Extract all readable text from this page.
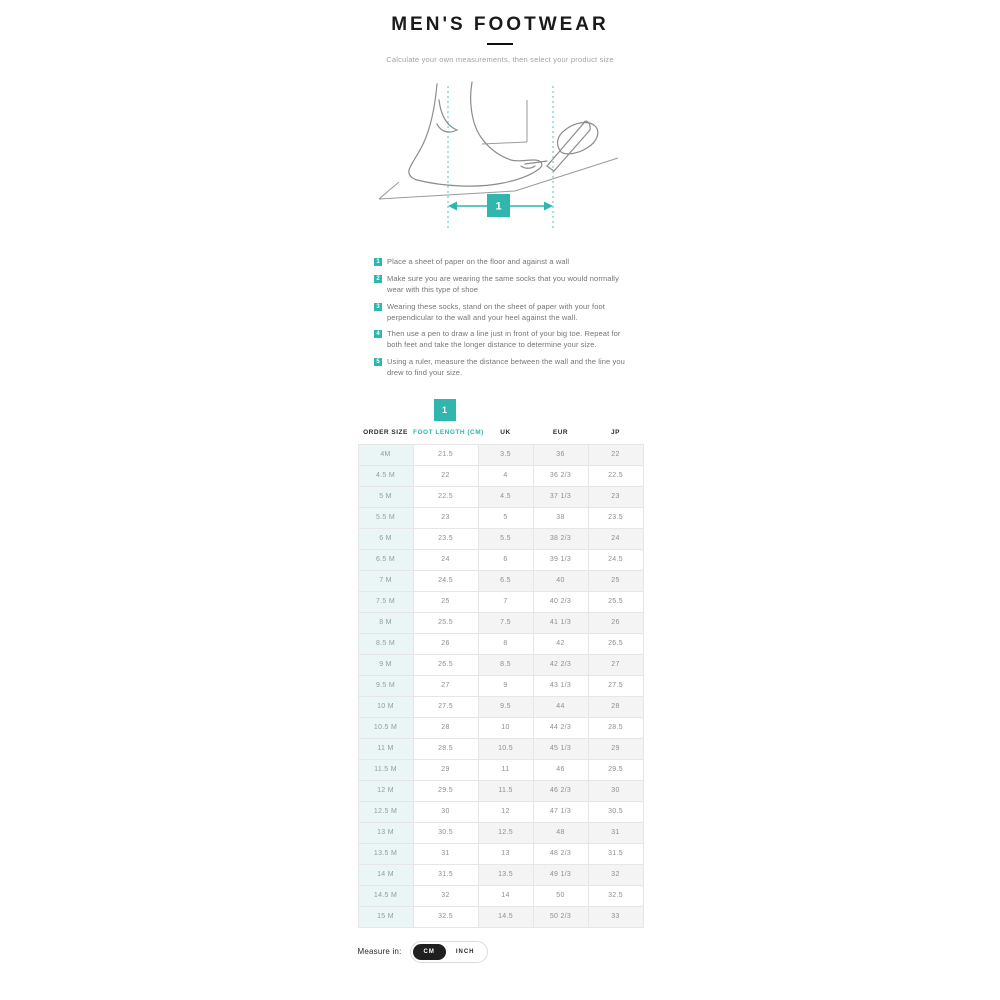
MEN'S FOOTWEAR
Calculate your own measurements, then select your product size
1
1 Place a sheet of paper on the floor and against a wall
2 Make sure you are wearing the same socks that you would normally wear with this type of shoe
3 Wearing these socks, stand on the sheet of paper with your foot perpendicular to the wall and your heel against the wall.
4 Then use a pen to draw a line just in front of your big toe. Repeat for both feet and take the longer distance to determine your size.
5 Using a ruler, measure the distance between the wall and the line you drew to find your size.
1
ORDER SIZE	FOOT LENGTH (CM)	UK	EUR	JP
4M	21.5	3.5	36	22
4.5 M	22	4	36 2/3	22.5
5 M	22.5	4.5	37 1/3	23
5.5 M	23	5	38	23.5
6 M	23.5	5.5	38 2/3	24
6.5 M	24	6	39 1/3	24.5
7 M	24.5	6.5	40	25
7.5 M	25	7	40 2/3	25.5
8 M	25.5	7.5	41 1/3	26
8.5 M	26	8	42	26.5
9 M	26.5	8.5	42 2/3	27
9.5 M	27	9	43 1/3	27.5
10 M	27.5	9.5	44	28
10.5 M	28	10	44 2/3	28.5
11 M	28.5	10.5	45 1/3	29
11.5 M	29	11	46	29.5
12 M	29.5	11.5	46 2/3	30
12.5 M	30	12	47 1/3	30.5
13 M	30.5	12.5	48	31
13.5 M	31	13	48 2/3	31.5
14 M	31.5	13.5	49 1/3	32
14.5 M	32	14	50	32.5
15 M	32.5	14.5	50 2/3	33
Measure in:	CM	INCH
